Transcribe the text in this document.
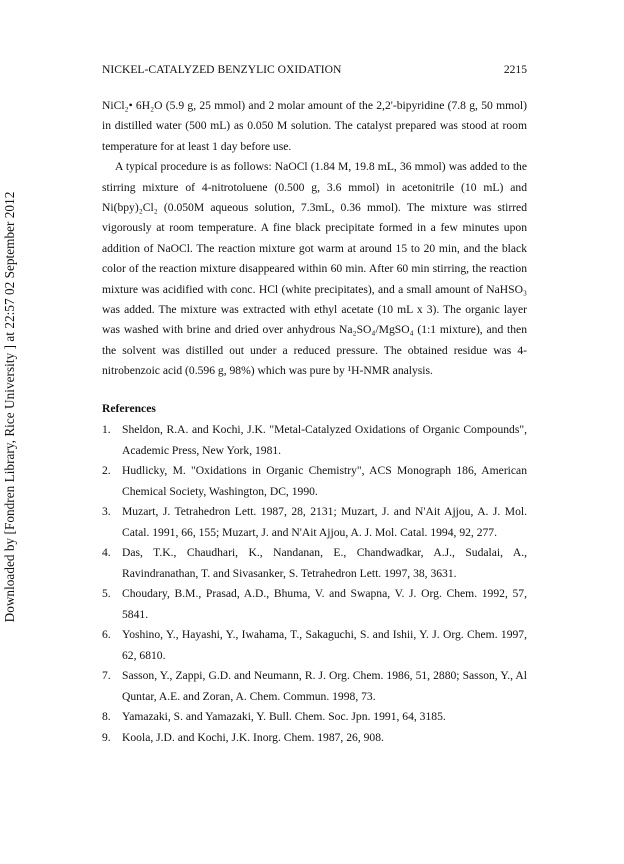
Downloaded by [Fondren Library, Rice University ] at 22:57 02 September 2012
NICKEL-CATALYZED BENZYLIC OXIDATION	2215
NiCl₂• 6H₂O (5.9 g, 25 mmol) and 2 molar amount of the 2,2'-bipyridine (7.8 g, 50 mmol) in distilled water (500 mL) as 0.050 M solution. The catalyst prepared was stood at room temperature for at least 1 day before use.
A typical procedure is as follows: NaOCl (1.84 M, 19.8 mL, 36 mmol) was added to the stirring mixture of 4-nitrotoluene (0.500 g, 3.6 mmol) in acetonitrile (10 mL) and Ni(bpy)₂Cl₂ (0.050M aqueous solution, 7.3mL, 0.36 mmol). The mixture was stirred vigorously at room temperature. A fine black precipitate formed in a few minutes upon addition of NaOCl. The reaction mixture got warm at around 15 to 20 min, and the black color of the reaction mixture disappeared within 60 min. After 60 min stirring, the reaction mixture was acidified with conc. HCl (white precipitates), and a small amount of NaHSO₃ was added. The mixture was extracted with ethyl acetate (10 mL x 3). The organic layer was washed with brine and dried over anhydrous Na₂SO₄/MgSO₄ (1:1 mixture), and then the solvent was distilled out under a reduced pressure. The obtained residue was 4-nitrobenzoic acid (0.596 g, 98%) which was pure by ¹H-NMR analysis.
References
1. Sheldon, R.A. and Kochi, J.K. "Metal-Catalyzed Oxidations of Organic Compounds", Academic Press, New York, 1981.
2. Hudlicky, M. "Oxidations in Organic Chemistry", ACS Monograph 186, American Chemical Society, Washington, DC, 1990.
3. Muzart, J. Tetrahedron Lett. 1987, 28, 2131; Muzart, J. and N'Ait Ajjou, A. J. Mol. Catal. 1991, 66, 155; Muzart, J. and N'Ait Ajjou, A. J. Mol. Catal. 1994, 92, 277.
4. Das, T.K., Chaudhari, K., Nandanan, E., Chandwadkar, A.J., Sudalai, A., Ravindranathan, T. and Sivasanker, S. Tetrahedron Lett. 1997, 38, 3631.
5. Choudary, B.M., Prasad, A.D., Bhuma, V. and Swapna, V. J. Org. Chem. 1992, 57, 5841.
6. Yoshino, Y., Hayashi, Y., Iwahama, T., Sakaguchi, S. and Ishii, Y. J. Org. Chem. 1997, 62, 6810.
7. Sasson, Y., Zappi, G.D. and Neumann, R. J. Org. Chem. 1986, 51, 2880; Sasson, Y., Al Quntar, A.E. and Zoran, A. Chem. Commun. 1998, 73.
8. Yamazaki, S. and Yamazaki, Y. Bull. Chem. Soc. Jpn. 1991, 64, 3185.
9. Koola, J.D. and Kochi, J.K. Inorg. Chem. 1987, 26, 908.
